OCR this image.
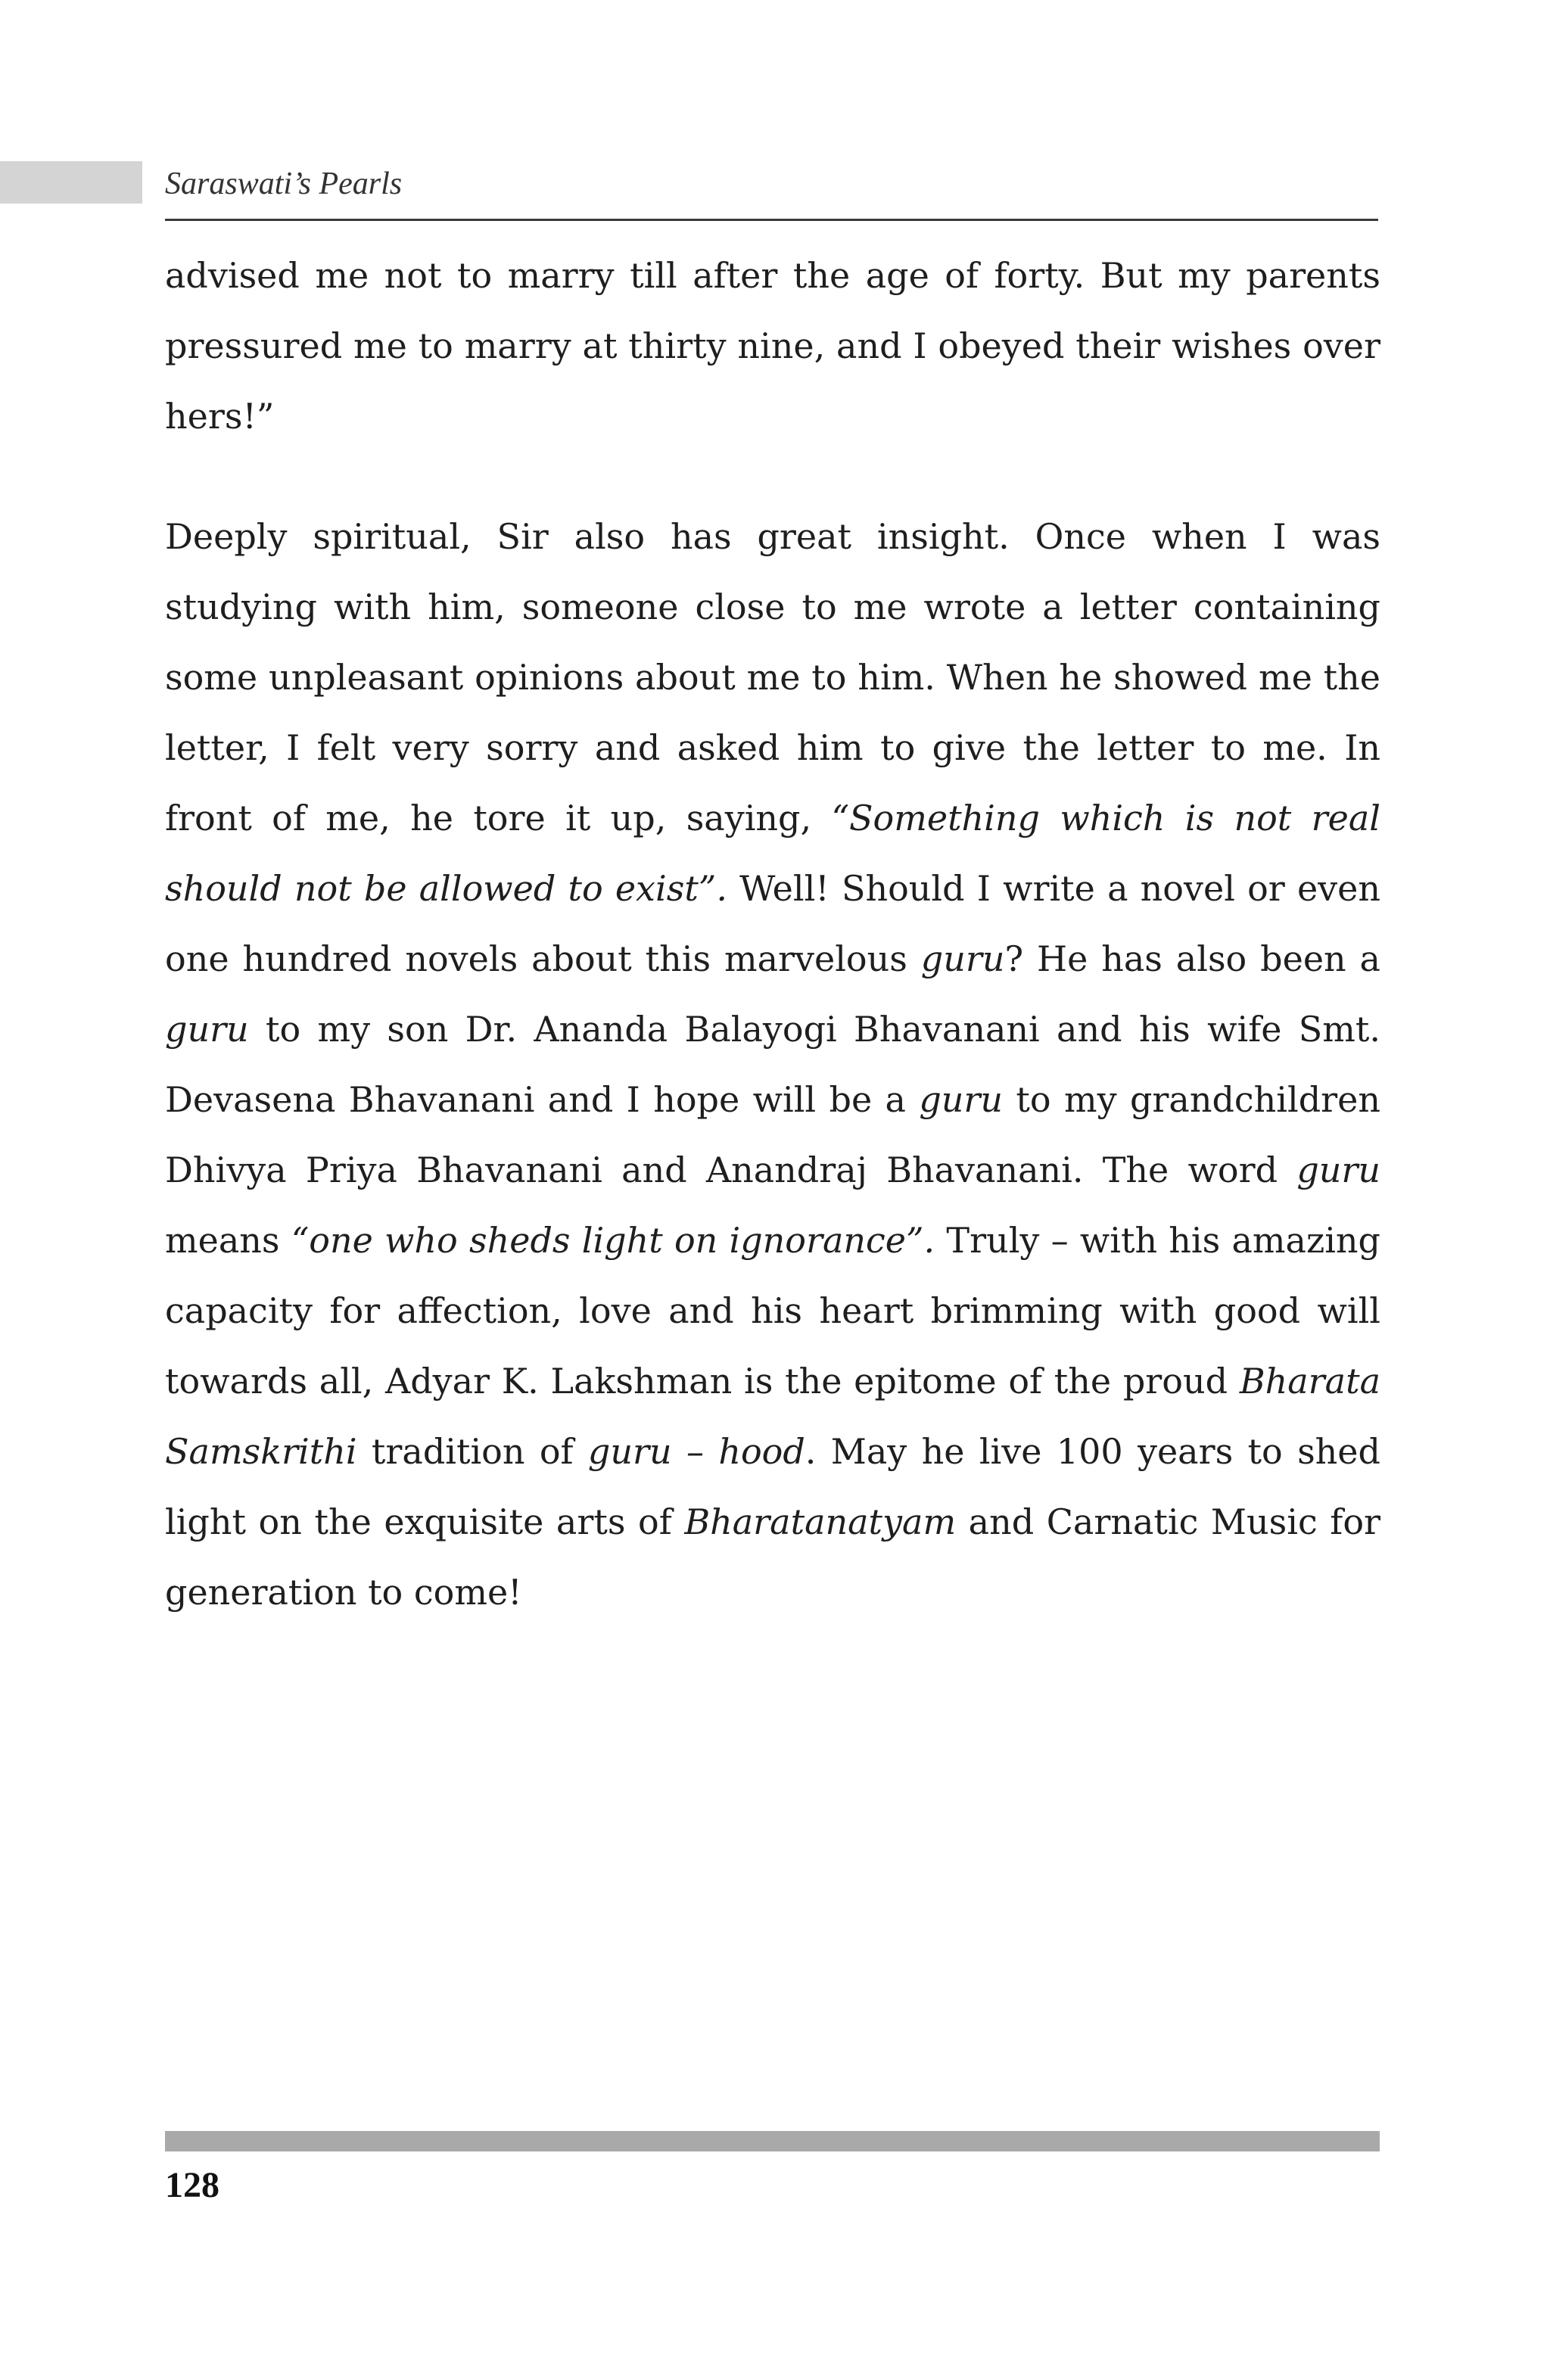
Saraswati’s Pearls

advised me not to marry till after the age of forty. But my parents pressured me to marry at thirty nine, and I obeyed their wishes over hers!”

Deeply spiritual, Sir also has great insight. Once when I was studying with him, someone close to me wrote a letter containing some unpleasant opinions about me to him. When he showed me the letter, I felt very sorry and asked him to give the letter to me. In front of me, he tore it up, saying, “Something which is not real should not be allowed to exist”. Well! Should I write a novel or even one hundred novels about this marvelous guru? He has also been a guru to my son Dr. Ananda Balayogi Bhavanani and his wife Smt. Devasena Bhavanani and I hope will be a guru to my grandchildren Dhivya Priya Bhavanani and Anandraj Bhavanani. The word guru means “one who sheds light on ignorance”. Truly – with his amazing capacity for affection, love and his heart brimming with good will towards all, Adyar K. Lakshman is the epitome of the proud Bharata Samskrithi tradition of guru – hood. May he live 100 years to shed light on the exquisite arts of Bharatanatyam and Carnatic Music for generation to come!

128
